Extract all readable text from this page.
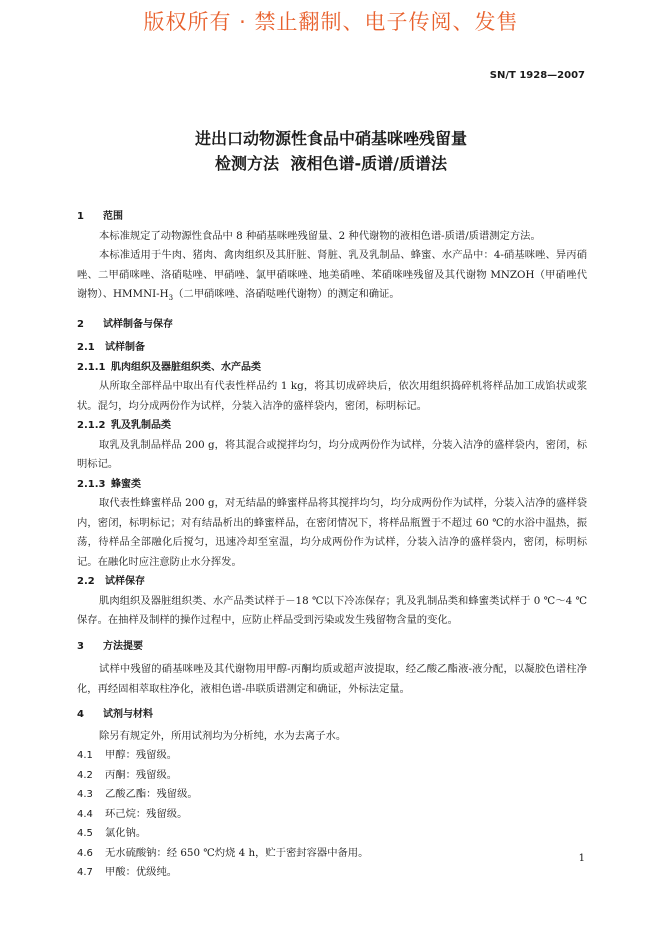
版权所有 · 禁止翻制、电子传阅、发售
SN/T 1928—2007
进出口动物源性食品中硝基咪唑残留量
检测方法 液相色谱-质谱/质谱法
1 范围
本标准规定了动物源性食品中 8 种硝基咪唑残留量、2 种代谢物的液相色谱-质谱/质谱测定方法。
本标准适用于牛肉、猪肉、禽肉组织及其肝脏、肾脏、乳及乳制品、蜂蜜、水产品中：4-硝基咪唑、异丙硝唑、二甲硝咪唑、洛硝哒唑、甲硝唑、氯甲硝咪唑、地美硝唑、苯硝咪唑残留及其代谢物 MNZOH（甲硝唑代谢物）、HMMNI-$H_3$（二甲硝咪唑、洛硝哒唑代谢物）的测定和确证。
2 试样制备与保存
2.1 试样制备
2.1.1 肌肉组织及器脏组织类、水产品类
从所取全部样品中取出有代表性样品约 1 kg，将其切成碎块后，依次用组织捣碎机将样品加工成馅状或浆状。混匀，均分成两份作为试样，分装入洁净的盛样袋内，密闭，标明标记。
2.1.2 乳及乳制品类
取乳及乳制品样品 200 g，将其混合或搅拌均匀，均分成两份作为试样，分装入洁净的盛样袋内，密闭，标明标记。
2.1.3 蜂蜜类
取代表性蜂蜜样品 200 g，对无结晶的蜂蜜样品将其搅拌均匀，均分成两份作为试样，分装入洁净的盛样袋内，密闭，标明标记；对有结晶析出的蜂蜜样品，在密闭情况下，将样品瓶置于不超过 60 ℃的水浴中温热，振荡，待样品全部融化后搅匀，迅速冷却至室温，均分成两份作为试样，分装入洁净的盛样袋内，密闭，标明标记。在融化时应注意防止水分挥发。
2.2 试样保存
肌肉组织及器脏组织类、水产品类试样于－18 ℃以下冷冻保存；乳及乳制品类和蜂蜜类试样于 0 ℃～4 ℃保存。在抽样及制样的操作过程中，应防止样品受到污染或发生残留物含量的变化。
3 方法提要
试样中残留的硝基咪唑及其代谢物用甲醇-丙酮均质或超声波提取，经乙酸乙酯液-液分配，以凝胶色谱柱净化，再经固相萃取柱净化，液相色谱-串联质谱测定和确证，外标法定量。
4 试剂与材料
除另有规定外，所用试剂均为分析纯，水为去离子水。
4.1 甲醇：残留级。
4.2 丙酮：残留级。
4.3 乙酸乙酯：残留级。
4.4 环己烷：残留级。
4.5 氯化钠。
4.6 无水硫酸钠：经 650 ℃灼烧 4 h，贮于密封容器中备用。
4.7 甲酸：优级纯。
1
